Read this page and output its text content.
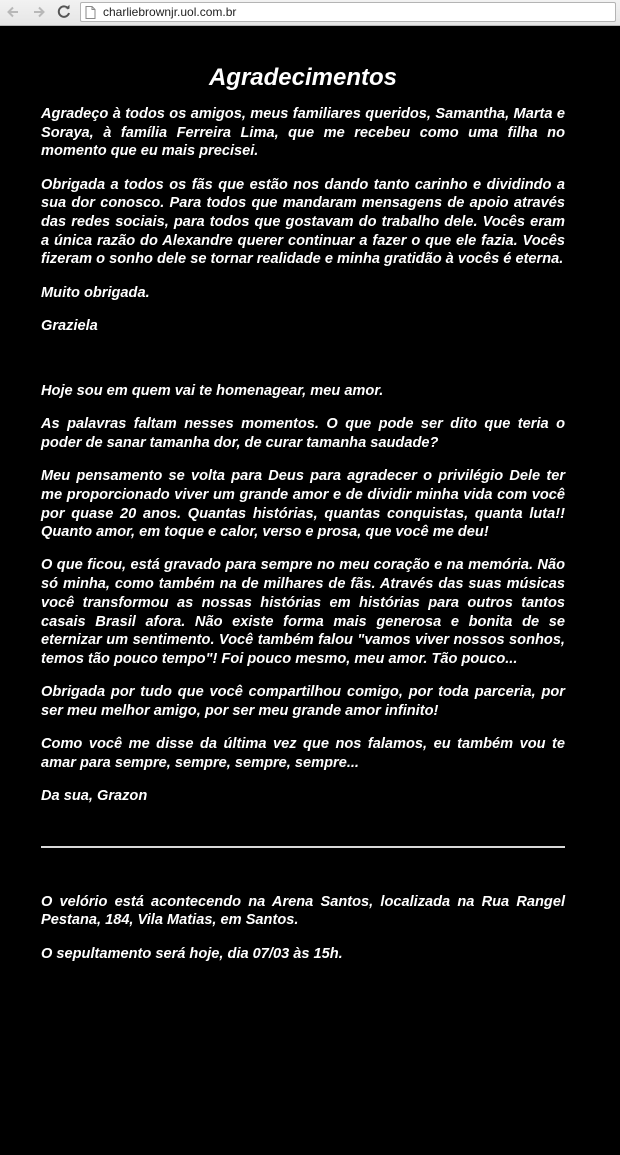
charliebrownjr.uol.com.br
Agradecimentos

Agradeço à todos os amigos, meus familiares queridos, Samantha, Marta e Soraya, à família Ferreira Lima, que me recebeu como uma filha no momento que eu mais precisei.

Obrigada a todos os fãs que estão nos dando tanto carinho e dividindo a sua dor conosco. Para todos que mandaram mensagens de apoio através das redes sociais, para todos que gostavam do trabalho dele. Vocês eram a única razão do Alexandre querer continuar a fazer o que ele fazia. Vocês fizeram o sonho dele se tornar realidade e minha gratidão à vocês é eterna.

Muito obrigada.

Graziela

Hoje sou em quem vai te homenagear, meu amor.

As palavras faltam nesses momentos. O que pode ser dito que teria o poder de sanar tamanha dor, de curar tamanha saudade?

Meu pensamento se volta para Deus para agradecer o privilégio Dele ter me proporcionado viver um grande amor e de dividir minha vida com você por quase 20 anos. Quantas histórias, quantas conquistas, quanta luta!! Quanto amor, em toque e calor, verso e prosa, que você me deu!

O que ficou, está gravado para sempre no meu coração e na memória. Não só minha, como também na de milhares de fãs. Através das suas músicas você transformou as nossas histórias em histórias para outros tantos casais Brasil afora. Não existe forma mais generosa e bonita de se eternizar um sentimento. Você também falou "vamos viver nossos sonhos, temos tão pouco tempo"! Foi pouco mesmo, meu amor. Tão pouco...

Obrigada por tudo que você compartilhou comigo, por toda parceria, por ser meu melhor amigo, por ser meu grande amor infinito!

Como você me disse da última vez que nos falamos, eu também vou te amar para sempre, sempre, sempre, sempre...

Da sua, Grazon

O velório está acontecendo na Arena Santos, localizada na Rua Rangel Pestana, 184, Vila Matias, em Santos.

O sepultamento será hoje, dia 07/03 às 15h.
